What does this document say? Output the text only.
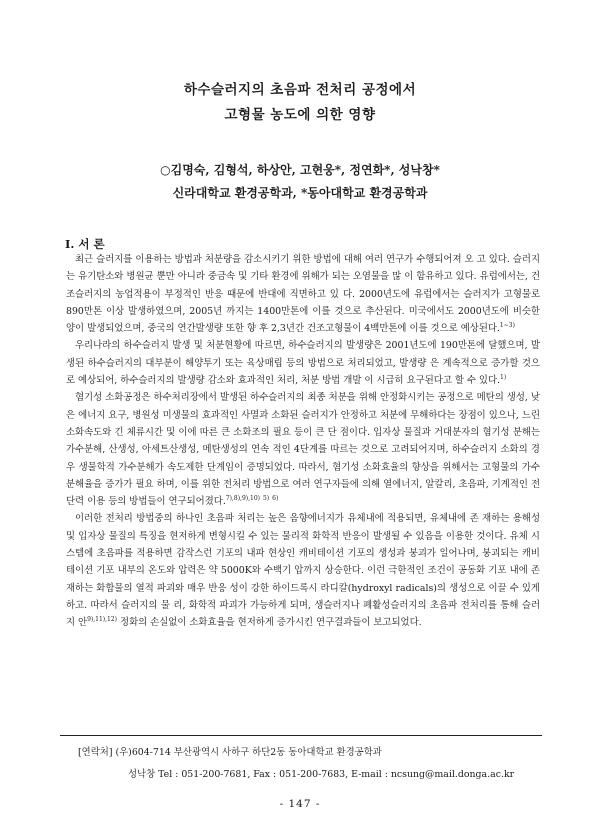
하수슬러지의 초음파 전처리 공정에서
고형물 농도에 의한 영향
○김명숙, 김형석, 하상안, 고현웅*, 정연화*, 성낙창*
신라대학교 환경공학과, *동아대학교 환경공학과
Ⅰ. 서 론

최근 슬러지를 이용하는 방법과 처분량을 감소시키기 위한 방법에 대해 여러 연구가 수행되어져 오 고 있다. 슬러지는 유기탄소와 병원균 뿐만 아니라 중금속 및 기타 환경에 위해가 되는 오염물을 많 이 함유하고 있다. 유럽에서는, 건조슬러지의 농업적용이 부정적인 반응 때문에 반대에 직면하고 있 다. 2000년도에 유럽에서는 슬러지가 고형물로 890만톤 이상 발생하였으며, 2005년 까지는 1400만톤에 이를 것으로 추산된다. 미국에서도 2000년도에 비슷한 양이 발생되었으며, 중국의 연간발생량 또한 향 후 2,3년간 건조고형물이 4백만톤에 이를 것으로 예상된다.$^{1\sim 3)}$

우리나라의 하수슬러지 발생 및 처분현황에 따르면, 하수슬러지의 발생량은 2001년도에 190만톤에 달했으며, 발생된 하수슬러지의 대부분이 해양투기 또는 육상매립 등의 방법으로 처리되었고, 발생량 은 계속적으로 증가할 것으로 예상되어, 하수슬러지의 발생량 감소와 효과적인 처리, 처분 방법 개발 이 시급히 요구된다고 할 수 있다.$^{1)}$

혐기성 소화공정은 하수처리장에서 발생된 하수슬러지의 최종 처분을 위해 안정화시키는 공정으로 메탄의 생성, 낮은 에너지 요구, 병원성 미생물의 효과적인 사멸과 소화된 슬러지가 안정하고 처분에 무해하다는 장점이 있으나, 느린 소화속도와 긴 체류시간 및 이에 따른 큰 소화조의 필요 등이 큰 단 점이다. 입자상 물질과 거대분자의 혐기성 분해는 가수분해, 산생성, 아세트산생성, 메탄생성의 연속 적인 4단계를 따르는 것으로 고려되어지며, 하수슬러지 소화의 경우 생물학적 가수분해가 속도제한 단계임이 증명되었다. 따라서, 혐기성 소화효율의 향상을 위해서는 고형물의 가수분해율을 증가가 필요 하며, 이를 위한 전처리 방법으로 여러 연구자들에 의해 열에너지, 알칼리, 초음파, 기계적인 전단력 이용 등의 방법들이 연구되어졌다.$^{7),8),9),10)}$ $^{5)}$ $^{6)}$

이러한 전처리 방법중의 하나인 초음파 처리는 높은 음향에너지가 유체내에 적용되면, 유체내에 존 재하는 용해성 및 입자상 물질의 특징을 현저하게 변형시킬 수 있는 물리적 화학적 반응이 발생될 수 있음을 이용한 것이다. 유체 시스템에 초음파를 적용하면 감작스런 기포의 내파 현상인 캐비테이션 기포의 생성과 붕괴가 일어나며, 붕괴되는 캐비테이션 기포 내부의 온도와 압력은 약 5000K와 수백기 압까지 상승한다. 이런 극한적인 조건이 공동화 기포 내에 존재하는 화합물의 열적 파괴와 매우 반응 성이 강한 하이드록시 라디칼(hydroxyl radicals)의 생성으로 이끌 수 있게 하고. 따라서 슬러지의 물 리, 화학적 파괴가 가능하게 되며, 생슬러지나 폐활성슬러지의 초음파 전처리를 통해 슬러지 안$^{9),11),12)}$ 정화의 손실없이 소화효율을 현저하게 증가시킨 연구결과들이 보고되었다.

[연락처] (우)604-714 부산광역시 사하구 하단2동 동아대학교 환경공학과
성낙창 Tel : 051-200-7681, Fax : 051-200-7683, E-mail : ncsung@mail.donga.ac.kr
- 147 -
